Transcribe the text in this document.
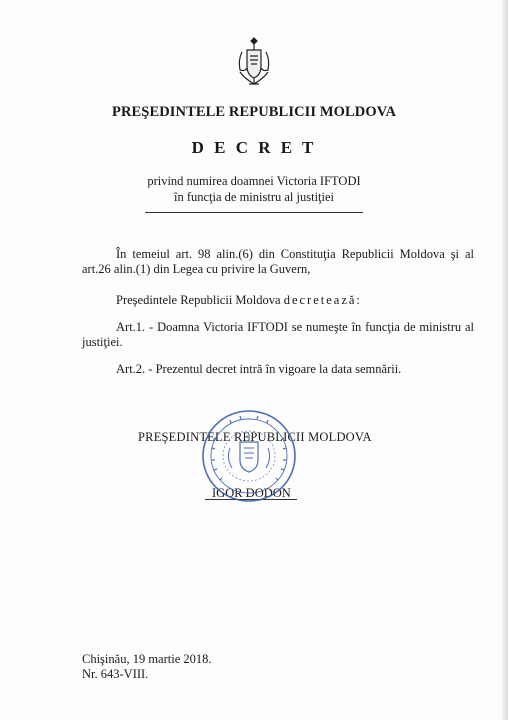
PREŞEDINTELE REPUBLICII MOLDOVA
D E C R E T
privind numirea doamnei Victoria IFTODI
în funcţia de ministru al justiţiei
În temeiul art. 98 alin.(6) din Constituţia Republicii Moldova şi al art.26 alin.(1) din Legea cu privire la Guvern,
Preşedintele Republicii Moldova decretează:
Art.1. - Doamna Victoria IFTODI se numeşte în funcţia de ministru al justiţiei.
Art.2. - Prezentul decret intră în vigoare la data semnării.
PREŞEDINTELE REPUBLICII MOLDOVA
IGOR DODON
Chişinău, 19 martie 2018.
Nr. 643-VIII.
